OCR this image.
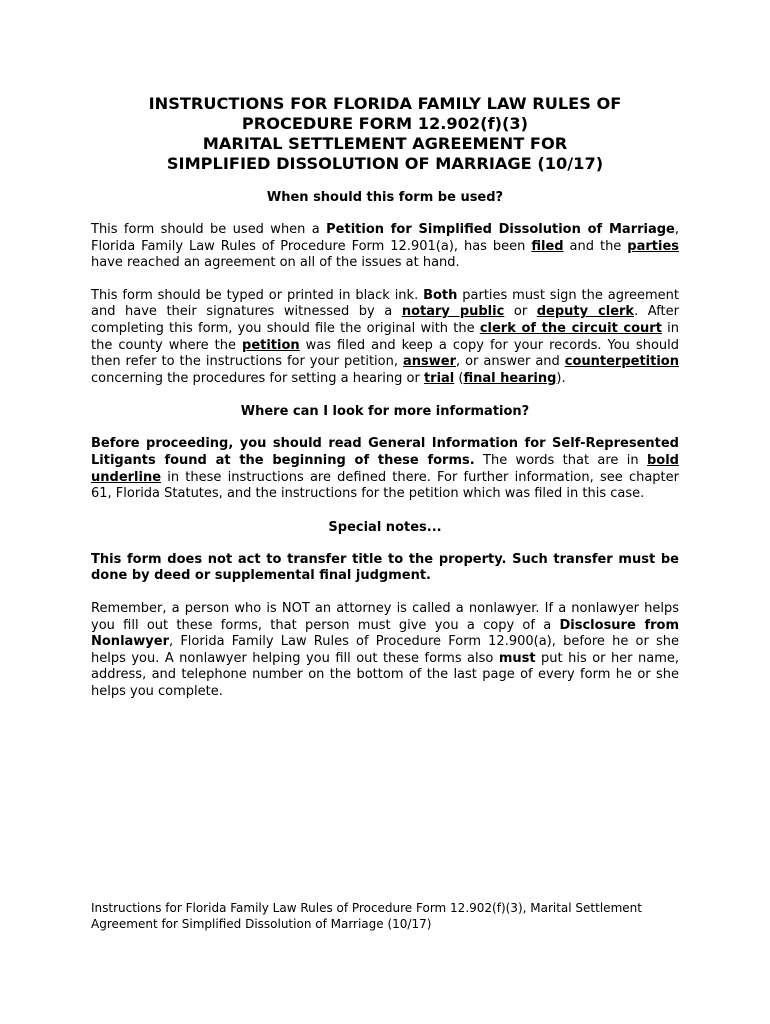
INSTRUCTIONS FOR FLORIDA FAMILY LAW RULES OF
PROCEDURE FORM 12.902(f)(3)
MARITAL SETTLEMENT AGREEMENT FOR
SIMPLIFIED DISSOLUTION OF MARRIAGE (10/17)
When should this form be used?

This form should be used when a Petition for Simplified Dissolution of Marriage, Florida Family Law Rules of Procedure Form 12.901(a), has been filed and the parties have reached an agreement on all of the issues at hand.

This form should be typed or printed in black ink. Both parties must sign the agreement and have their signatures witnessed by a notary public or deputy clerk. After completing this form, you should file the original with the clerk of the circuit court in the county where the petition was filed and keep a copy for your records. You should then refer to the instructions for your petition, answer, or answer and counterpetition concerning the procedures for setting a hearing or trial (final hearing).

Where can I look for more information?

Before proceeding, you should read General Information for Self-Represented Litigants found at the beginning of these forms. The words that are in bold underline in these instructions are defined there. For further information, see chapter 61, Florida Statutes, and the instructions for the petition which was filed in this case.

Special notes...

This form does not act to transfer title to the property. Such transfer must be done by deed or supplemental final judgment.

Remember, a person who is NOT an attorney is called a nonlawyer. If a nonlawyer helps you fill out these forms, that person must give you a copy of a Disclosure from Nonlawyer, Florida Family Law Rules of Procedure Form 12.900(a), before he or she helps you. A nonlawyer helping you fill out these forms also must put his or her name, address, and telephone number on the bottom of the last page of every form he or she helps you complete.

Instructions for Florida Family Law Rules of Procedure Form 12.902(f)(3), Marital Settlement
Agreement for Simplified Dissolution of Marriage (10/17)
